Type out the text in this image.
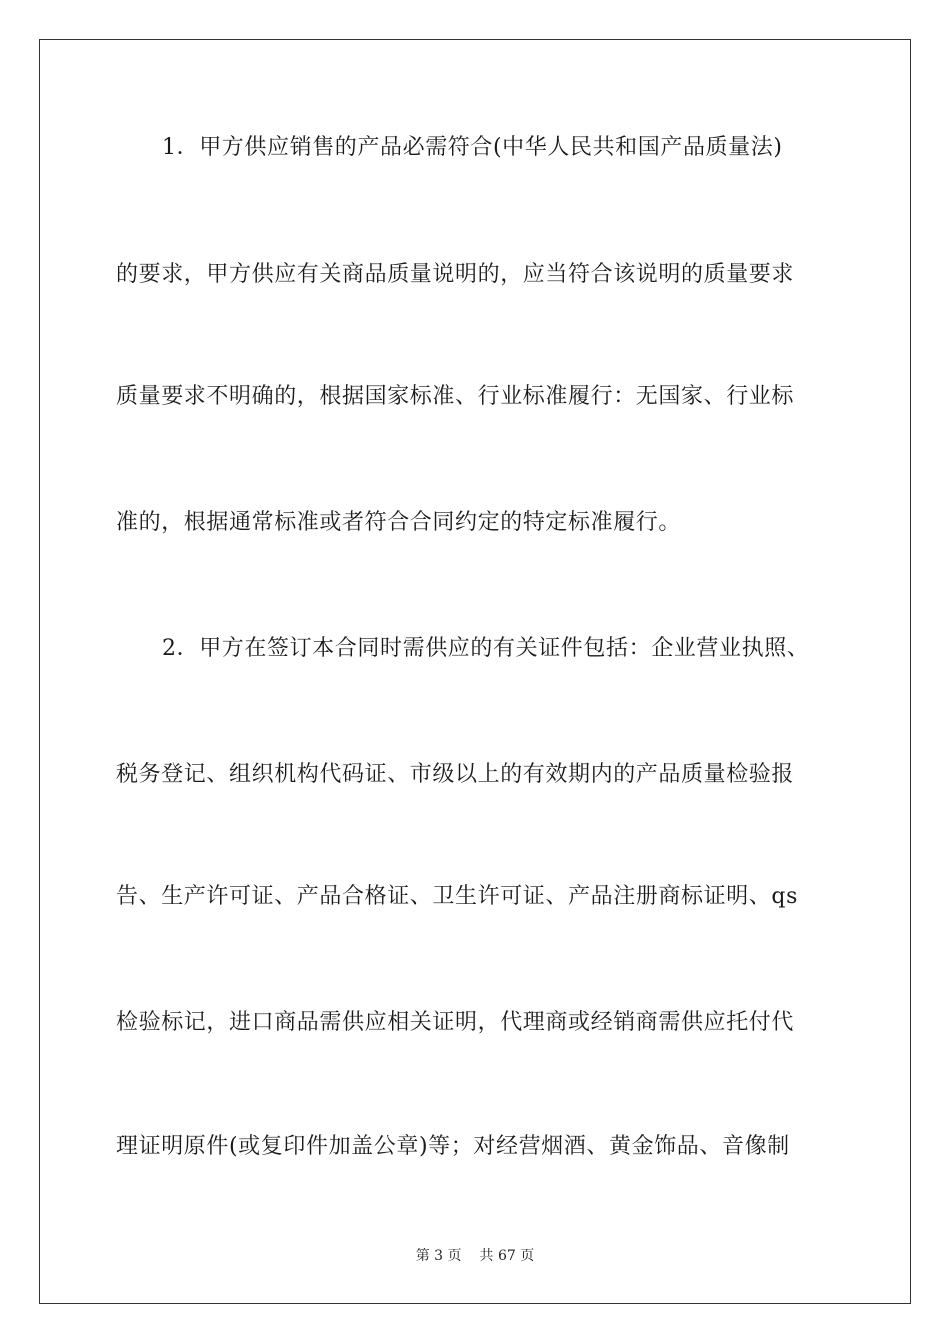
1．甲方供应销售的产品必需符合(中华人民共和国产品质量法)
的要求，甲方供应有关商品质量说明的，应当符合该说明的质量要求
质量要求不明确的，根据国家标准、行业标准履行：无国家、行业标
准的，根据通常标准或者符合合同约定的特定标准履行。
2．甲方在签订本合同时需供应的有关证件包括：企业营业执照、
税务登记、组织机构代码证、市级以上的有效期内的产品质量检验报
告、生产许可证、产品合格证、卫生许可证、产品注册商标证明、qs
检验标记，进口商品需供应相关证明，代理商或经销商需供应托付代
理证明原件(或复印件加盖公章)等；对经营烟酒、黄金饰品、音像制
第 3 页 共 67 页
